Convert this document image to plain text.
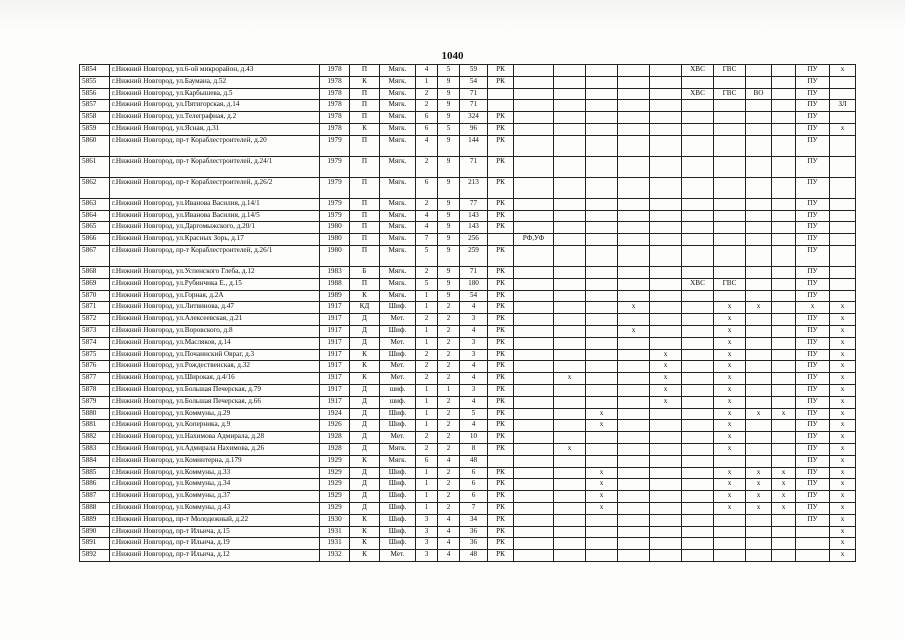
1040
5854	г.Нижний Новгород, ул.6-ой микрорайон, д.43	1978	П	Мягк.	4	5	59	РК						ХВС	ГВС			ПУ	х
5855	г.Нижний Новгород, ул.Баумана, д.52	1978	К	Мягк.	1	9	54	РК										ПУ	
5856	г.Нижний Новгород, ул.Карбышева, д.5	1978	П	Мягк.	2	9	71							ХВС	ГВС	ВО		ПУ	
5857	г.Нижний Новгород, ул.Пятигорская, д.14	1978	П	Мягк.	2	9	71											ПУ	ЗЛ
5858	г.Нижний Новгород, ул.Телеграфная, д.2	1978	П	Мягк.	6	9	324	РК										ПУ	
5859	г.Нижний Новгород, ул.Ясная, д.31	1978	К	Мягк.	6	5	96	РК										ПУ	х
5860	г.Нижний Новгород, пр-т Кораблестроителей, д.20	1979	П	Мягк.	4	9	144	РК										ПУ	
5861	г.Нижний Новгород, пр-т Кораблестроителей, д.24/1	1979	П	Мягк.	2	9	71	РК										ПУ	
5862	г.Нижний Новгород, пр-т Кораблестроителей, д.26/2	1979	П	Мягк.	6	9	213	РК										ПУ	
5863	г.Нижний Новгород, ул.Иванова Василия, д.14/1	1979	П	Мягк.	2	9	77	РК										ПУ	
5864	г.Нижний Новгород, ул.Иванова Василия, д.14/5	1979	П	Мягк.	4	9	143	РК										ПУ	
5865	г.Нижний Новгород, ул.Даргомыжского, д.20/1	1980	П	Мягк.	4	9	143	РК										ПУ	
5866	г.Нижний Новгород, ул.Красных Зорь, д.17	1980	П	Мягк.	7	9	256		РФ,УФ									ПУ	
5867	г.Нижний Новгород, пр-т Кораблестроителей, д.26/1	1980	П	Мягк.	5	9	259	РК										ПУ	
5868	г.Нижний Новгород, ул.Успенского Глеба, д.12	1983	Б	Мягк.	2	9	71	РК										ПУ	
5869	г.Нижний Новгород, ул.Рубинчика Е., д.15	1988	П	Мягк.	5	9	180	РК						ХВС	ГВС			ПУ	
5870	г.Нижний Новгород, ул.Горная, д.2А	1989	К	Мягк.	1	9	54	РК										ПУ	
5871	г.Нижний Новгород, ул.Литвинова, д.47	1917	КД	Шиф.	1	2	4	РК				х			х	х		х	х
5872	г.Нижний Новгород, ул.Алексеевская, д.21	1917	Д	Мет.	2	2	3	РК							х			ПУ	х
5873	г.Нижний Новгород, ул.Воровского, д.8	1917	Д	Шиф.	1	2	4	РК				х			х			ПУ	х
5874	г.Нижний Новгород, ул.Масляков, д.14	1917	Д	Мет.	1	2	3	РК							х			ПУ	х
5875	г.Нижний Новгород, ул.Почаинский Овраг, д.3	1917	К	Шиф.	2	2	3	РК					х		х			ПУ	х
5876	г.Нижний Новгород, ул.Рождественская, д.32	1917	К	Мет.	2	2	4	РК					х		х			ПУ	х
5877	г.Нижний Новгород, ул.Широкая, д.4/16	1917	К	Мет.	2	2	4	РК		х			х		х			ПУ	х
5878	г.Нижний Новгород, ул.Большая Печерская, д.79	1917	Д	шиф.	1	1	3	РК					х		х			ПУ	х
5879	г.Нижний Новгород, ул.Большая Печерская, д.66	1917	Д	шиф.	1	2	4	РК					х		х			ПУ	х
5880	г.Нижний Новгород, ул.Коммуны, д.29	1924	Д	Шиф.	1	2	5	РК			х				х	х	х	ПУ	х
5881	г.Нижний Новгород, ул.Коперника, д.9	1926	Д	Шиф.	1	2	4	РК			х				х			ПУ	х
5882	г.Нижний Новгород, ул.Нахимова Адмирала, д.28	1928	Д	Мет.	2	2	10	РК							х			ПУ	х
5883	г.Нижний Новгород, ул.Адмирала Нахимова, д.26	1928	Д	Мягк.	2	2	8	РК		х					х			ПУ	х
5884	г.Нижний Новгород, ул.Коминтерна, д.179	1929	К	Мягк.	6	4	48											ПУ	х
5885	г.Нижний Новгород, ул.Коммуны, д.33	1929	Д	Шиф.	1	2	6	РК			х				х	х	х	ПУ	х
5886	г.Нижний Новгород, ул.Коммуны, д.34	1929	Д	Шиф.	1	2	6	РК			х				х	х	х	ПУ	х
5887	г.Нижний Новгород, ул.Коммуны, д.37	1929	Д	Шиф.	1	2	6	РК			х				х	х	х	ПУ	х
5888	г.Нижний Новгород, ул.Коммуны, д.43	1929	Д	Шиф.	1	2	7	РК			х				х	х	х	ПУ	х
5889	г.Нижний Новгород, пр-т Молодежный, д.22	1930	К	Шиф.	3	4	34	РК										ПУ	х
5890	г.Нижний Новгород, пр-т Ильича, д.15	1931	К	Шиф.	3	4	36	РК											х
5891	г.Нижний Новгород, пр-т Ильича, д.19	1931	К	Шиф.	3	4	36	РК											х
5892	г.Нижний Новгород, пр-т Ильича, д.12	1932	К	Мет.	3	4	48	РК											х
